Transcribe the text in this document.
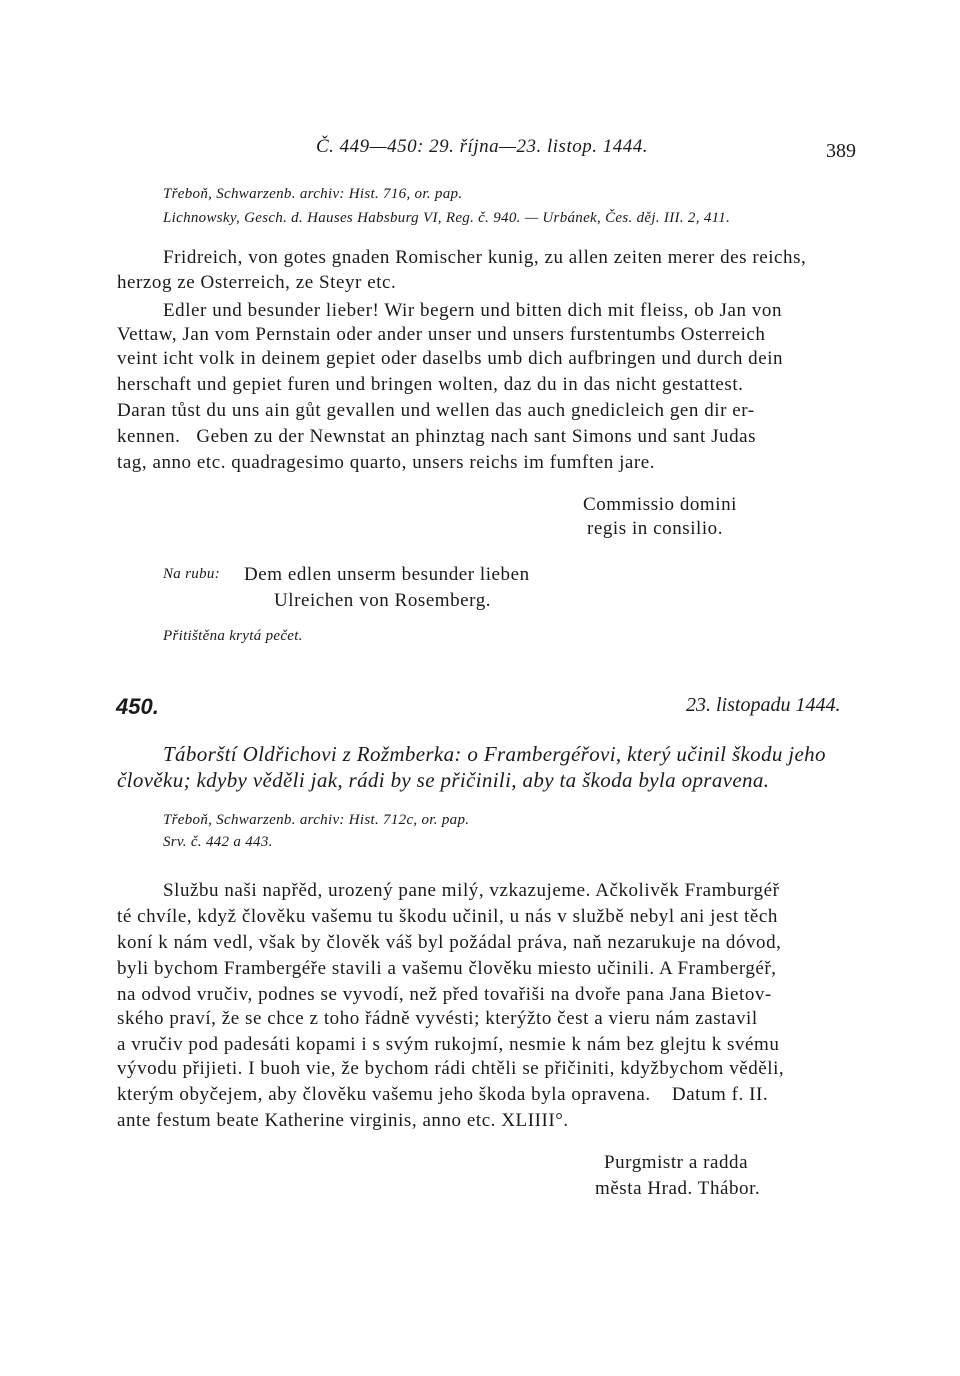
Č. 449—450: 29. října—23. listop. 1444.	389
Třeboň, Schwarzenb. archiv: Hist. 716, or. pap.
Lichnowsky, Gesch. d. Hauses Habsburg VI, Reg. č. 940. — Urbánek, Čes. děj. III. 2, 411.
Fridreich, von gotes gnaden Romischer kunig, zu allen zeiten merer des reichs,
herzog ze Osterreich, ze Steyr etc.
Edler und besunder lieber! Wir begern und bitten dich mit fleiss, ob Jan von
Vettaw, Jan vom Pernstain oder ander unser und unsers furstentumbs Osterreich
veint icht volk in deinem gepiet oder daselbs umb dich aufbringen und durch dein
herschaft und gepiet furen und bringen wolten, daz du in das nicht gestattest.
Daran tůst du uns ain gůt gevallen und wellen das auch gnedicleich gen dir er-
kennen.   Geben zu der Newnstat an phinztag nach sant Simons und sant Judas
tag, anno etc. quadragesimo quarto, unsers reichs im fumften jare.
Commissio domini
regis in consilio.
Na rubu: Dem edlen unserm besunder lieben
Ulreichen von Rosemberg.
Přitištěna krytá pečet.
450.	23. listopadu 1444.
Táborští Oldřichovi z Rožmberka: o Frambergéřovi, který učinil škodu jeho
člověku; kdyby věděli jak, rádi by se přičinili, aby ta škoda byla opravena.
Třeboň, Schwarzenb. archiv: Hist. 712c, or. pap.
Srv. č. 442 a 443.
Službu naši napřěd, urozený pane milý, vzkazujeme. Ačkolivěk Framburgéř
té chvíle, když člověku vašemu tu škodu učinil, u nás v službě nebyl ani jest těch
koní k nám vedl, však by člověk váš byl požádal práva, naň nezarukuje na dóvod,
byli bychom Frambergéře stavili a vašemu člověku miesto učinili. A Frambergéř,
na odvod vručiv, podnes se vyvodí, než před tovařiši na dvoře pana Jana Bietov-
ského praví, že se chce z toho řádně vyvésti; kterýžto čest a vieru nám zastavil
a vručiv pod padesáti kopami i s svým rukojmí, nesmie k nám bez glejtu k svému
vývodu přijieti. I buoh vie, že bychom rádi chtěli se přičiniti, kdyžbychom věděli,
kterým obyčejem, aby člověku vašemu jeho škoda byla opravena.    Datum f. II.
ante festum beate Katherine virginis, anno etc. XLIIII°.
Purgmistr a radda
města Hrad. Thábor.
